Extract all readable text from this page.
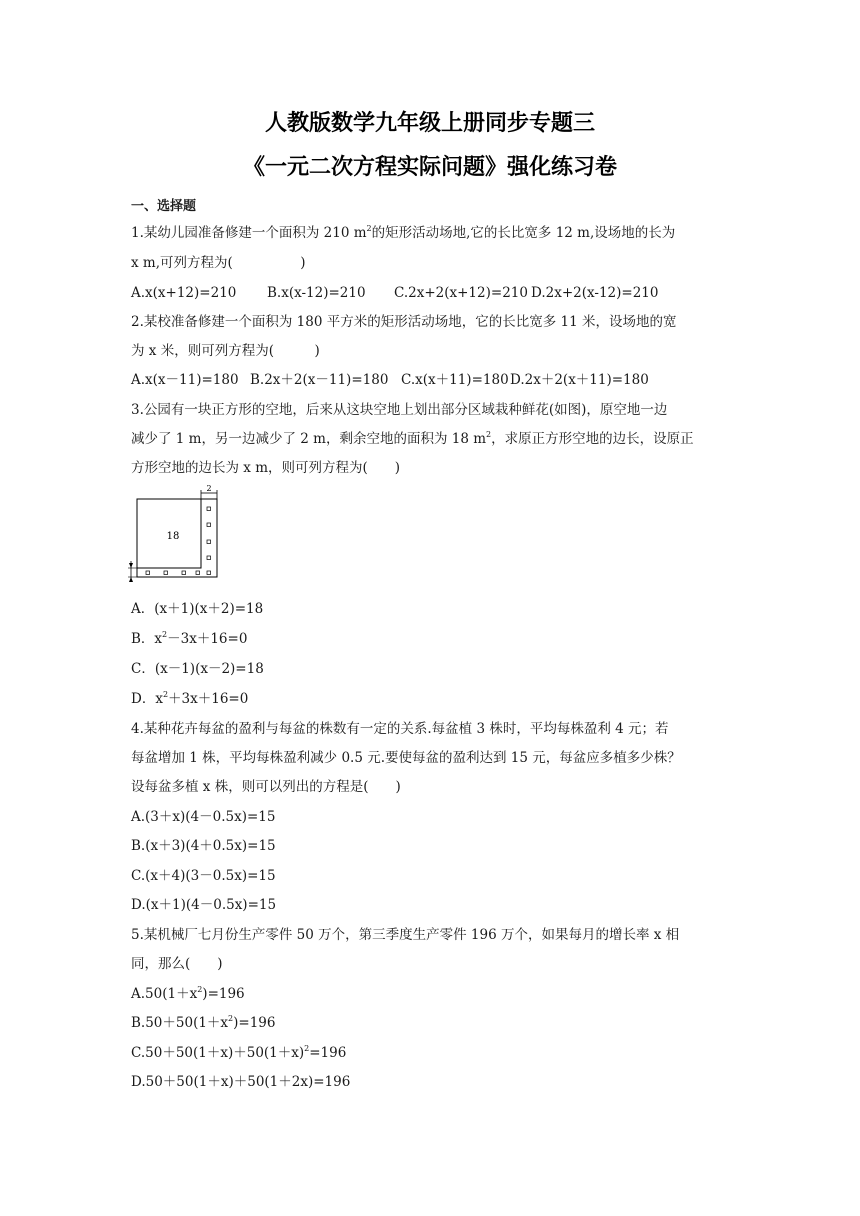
人教版数学九年级上册同步专题三
《一元二次方程实际问题》强化练习卷
一、选择题
1.某幼儿园准备修建一个面积为 210 $m^2$的矩形活动场地,它的长比宽多 12 m,设场地的长为
x m,可列方程为(　　　　　)

A.x(x+12)=210

B.x(x-12)=210

C.2x+2(x+12)=210

D.2x+2(x-12)=210

2.某校准备修建一个面积为 180 平方米的矩形活动场地，它的长比宽多 11 米，设场地的宽
为 x 米，则可列方程为(　　　)

A.x(x－11)=180

B.2x＋2(x－11)=180

C.x(x＋11)=180

D.2x＋2(x＋11)=180

3.公园有一块正方形的空地，后来从这块空地上划出部分区域栽种鲜花(如图)，原空地一边
减少了 1 m，另一边减少了 2 m，剩余空地的面积为 18 $m^2$，求原正方形空地的边长，设原正
方形空地的边长为 x m，则可列方程为(　　)
2
18
A．(x＋1)(x＋2)=18
B．$x^2-3x+16=0$
C．(x－1)(x－2)=18
D．$x^2+3x+16=0$
4.某种花卉每盆的盈利与每盆的株数有一定的关系.每盆植 3 株时，平均每株盈利 4 元；若
每盆增加 1 株，平均每株盈利减少 0.5 元.要使每盆的盈利达到 15 元，每盆应多植多少株？
设每盆多植 x 株，则可以列出的方程是(　　)
A.(3＋x)(4－0.5x)=15
B.(x＋3)(4＋0.5x)=15
C.(x＋4)(3－0.5x)=15
D.(x＋1)(4－0.5x)=15
5.某机械厂七月份生产零件 50 万个，第三季度生产零件 196 万个，如果每月的增长率 x 相
同，那么(　　)
$A.50(1+x^2)=196$
$B.50+50(1+x^2)=196$
$C.50+50(1+x)+50(1+x)^2=196$
D.50＋50(1＋x)＋50(1＋2x)=196
